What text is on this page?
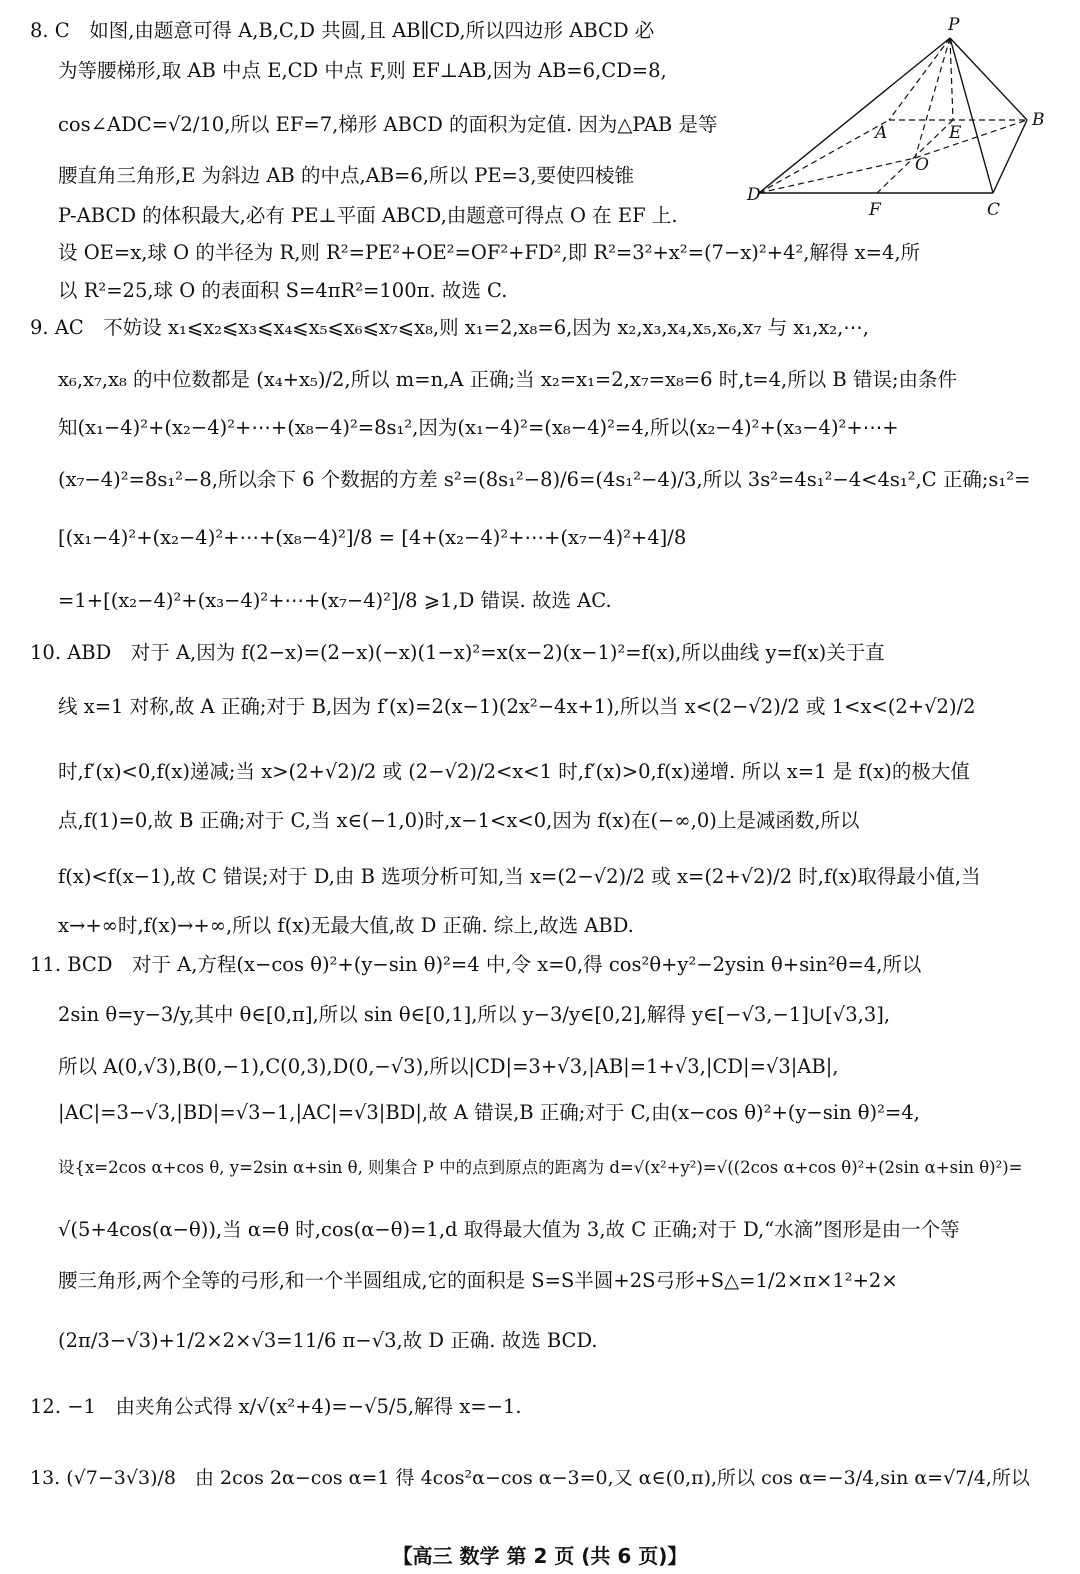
P
A	E
B
O
D
F	C
8. C　如图,由题意可得 A,B,C,D 共圆,且 AB∥CD,所以四边形 ABCD 必
为等腰梯形,取 AB 中点 E,CD 中点 F,则 EF⊥AB,因为 AB=6,CD=8,
cos∠ADC=√2/10,所以 EF=7,梯形 ABCD 的面积为定值. 因为△PAB 是等
腰直角三角形,E 为斜边 AB 的中点,AB=6,所以 PE=3,要使四棱锥
P-ABCD 的体积最大,必有 PE⊥平面 ABCD,由题意可得点 O 在 EF 上.
设 OE=x,球 O 的半径为 R,则 R²=PE²+OE²=OF²+FD²,即 R²=3²+x²=(7−x)²+4²,解得 x=4,所
以 R²=25,球 O 的表面积 S=4πR²=100π. 故选 C.
9. AC　不妨设 x₁⩽x₂⩽x₃⩽x₄⩽x₅⩽x₆⩽x₇⩽x₈,则 x₁=2,x₈=6,因为 x₂,x₃,x₄,x₅,x₆,x₇ 与 x₁,x₂,⋯,
x₆,x₇,x₈ 的中位数都是 (x₄+x₅)/2,所以 m=n,A 正确;当 x₂=x₁=2,x₇=x₈=6 时,t=4,所以 B 错误;由条件
知(x₁−4)²+(x₂−4)²+⋯+(x₈−4)²=8s₁²,因为(x₁−4)²=(x₈−4)²=4,所以(x₂−4)²+(x₃−4)²+⋯+
(x₇−4)²=8s₁²−8,所以余下 6 个数据的方差 s²=(8s₁²−8)/6=(4s₁²−4)/3,所以 3s²=4s₁²−4<4s₁²,C 正确;s₁²=
[(x₁−4)²+(x₂−4)²+⋯+(x₈−4)²]/8 = [4+(x₂−4)²+⋯+(x₇−4)²+4]/8
=1+[(x₂−4)²+(x₃−4)²+⋯+(x₇−4)²]/8 ⩾1,D 错误. 故选 AC.
10. ABD　对于 A,因为 f(2−x)=(2−x)(−x)(1−x)²=x(x−2)(x−1)²=f(x),所以曲线 y=f(x)关于直
线 x=1 对称,故 A 正确;对于 B,因为 f′(x)=2(x−1)(2x²−4x+1),所以当 x<(2−√2)/2 或 1<x<(2+√2)/2
时,f′(x)<0,f(x)递减;当 x>(2+√2)/2 或 (2−√2)/2<x<1 时,f′(x)>0,f(x)递增. 所以 x=1 是 f(x)的极大值
点,f(1)=0,故 B 正确;对于 C,当 x∈(−1,0)时,x−1<x<0,因为 f(x)在(−∞,0)上是减函数,所以
f(x)<f(x−1),故 C 错误;对于 D,由 B 选项分析可知,当 x=(2−√2)/2 或 x=(2+√2)/2 时,f(x)取得最小值,当
x→+∞时,f(x)→+∞,所以 f(x)无最大值,故 D 正确. 综上,故选 ABD.
11. BCD　对于 A,方程(x−cos θ)²+(y−sin θ)²=4 中,令 x=0,得 cos²θ+y²−2ysin θ+sin²θ=4,所以
2sin θ=y−3/y,其中 θ∈[0,π],所以 sin θ∈[0,1],所以 y−3/y∈[0,2],解得 y∈[−√3,−1]∪[√3,3],
所以 A(0,√3),B(0,−1),C(0,3),D(0,−√3),所以|CD|=3+√3,|AB|=1+√3,|CD|=√3|AB|,
|AC|=3−√3,|BD|=√3−1,|AC|=√3|BD|,故 A 错误,B 正确;对于 C,由(x−cos θ)²+(y−sin θ)²=4,
设{x=2cos α+cos θ, y=2sin α+sin θ, 则集合 P 中的点到原点的距离为 d=√(x²+y²)=√((2cos α+cos θ)²+(2sin α+sin θ)²)=
√(5+4cos(α−θ)),当 α=θ 时,cos(α−θ)=1,d 取得最大值为 3,故 C 正确;对于 D,“水滴”图形是由一个等
腰三角形,两个全等的弓形,和一个半圆组成,它的面积是 S=S半圆+2S弓形+S△=1/2×π×1²+2×
(2π/3−√3)+1/2×2×√3=11/6 π−√3,故 D 正确. 故选 BCD.
12. −1　由夹角公式得 x/√(x²+4)=−√5/5,解得 x=−1.
13. (√7−3√3)/8　由 2cos 2α−cos α=1 得 4cos²α−cos α−3=0,又 α∈(0,π),所以 cos α=−3/4,sin α=√7/4,所以
【高三 数学 第 2 页 (共 6 页)】
